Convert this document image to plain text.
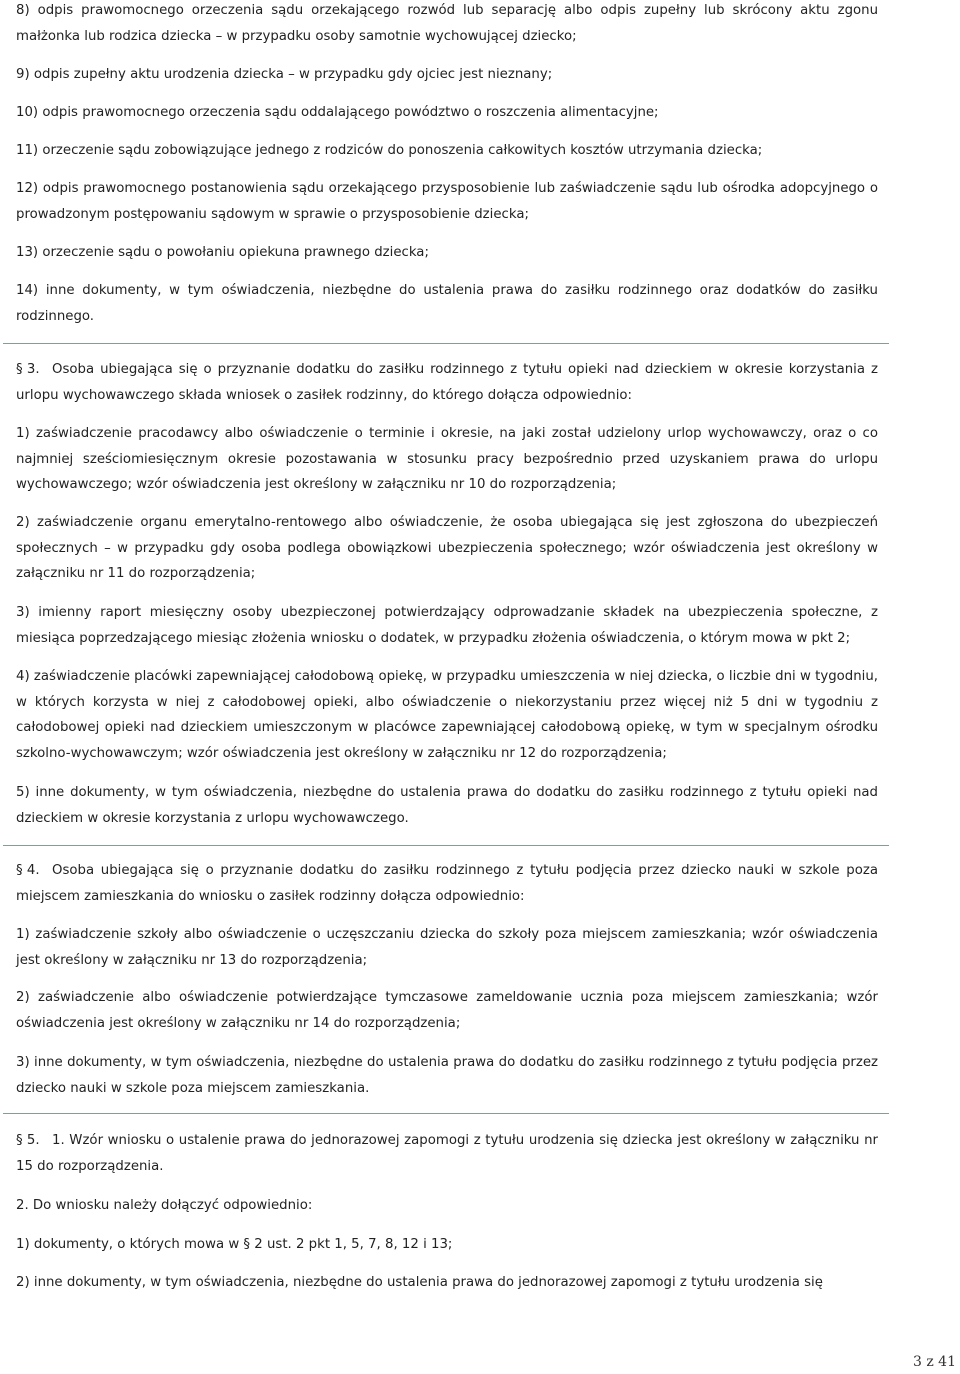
8) odpis prawomocnego orzeczenia sądu orzekającego rozwód lub separację albo odpis zupełny lub skrócony aktu zgonu małżonka lub rodzica dziecka – w przypadku osoby samotnie wychowującej dziecko;

9) odpis zupełny aktu urodzenia dziecka – w przypadku gdy ojciec jest nieznany;

10) odpis prawomocnego orzeczenia sądu oddalającego powództwo o roszczenia alimentacyjne;

11) orzeczenie sądu zobowiązujące jednego z rodziców do ponoszenia całkowitych kosztów utrzymania dziecka;

12) odpis prawomocnego postanowienia sądu orzekającego przysposobienie lub zaświadczenie sądu lub ośrodka adopcyjnego o prowadzonym postępowaniu sądowym w sprawie o przysposobienie dziecka;

13) orzeczenie sądu o powołaniu opiekuna prawnego dziecka;

14) inne dokumenty, w tym oświadczenia, niezbędne do ustalenia prawa do zasiłku rodzinnego oraz dodatków do zasiłku rodzinnego.

§ 3. Osoba ubiegająca się o przyznanie dodatku do zasiłku rodzinnego z tytułu opieki nad dzieckiem w okresie korzystania z urlopu wychowawczego składa wniosek o zasiłek rodzinny, do którego dołącza odpowiednio:

1) zaświadczenie pracodawcy albo oświadczenie o terminie i okresie, na jaki został udzielony urlop wychowawczy, oraz o co najmniej sześciomiesięcznym okresie pozostawania w stosunku pracy bezpośrednio przed uzyskaniem prawa do urlopu wychowawczego; wzór oświadczenia jest określony w załączniku nr 10 do rozporządzenia;

2) zaświadczenie organu emerytalno-rentowego albo oświadczenie, że osoba ubiegająca się jest zgłoszona do ubezpieczeń społecznych – w przypadku gdy osoba podlega obowiązkowi ubezpieczenia społecznego; wzór oświadczenia jest określony w załączniku nr 11 do rozporządzenia;

3) imienny raport miesięczny osoby ubezpieczonej potwierdzający odprowadzanie składek na ubezpieczenia społeczne, z miesiąca poprzedzającego miesiąc złożenia wniosku o dodatek, w przypadku złożenia oświadczenia, o którym mowa w pkt 2;

4) zaświadczenie placówki zapewniającej całodobową opiekę, w przypadku umieszczenia w niej dziecka, o liczbie dni w tygodniu, w których korzysta w niej z całodobowej opieki, albo oświadczenie o niekorzystaniu przez więcej niż 5 dni w tygodniu z całodobowej opieki nad dzieckiem umieszczonym w placówce zapewniającej całodobową opiekę, w tym w specjalnym ośrodku szkolno-wychowawczym; wzór oświadczenia jest określony w załączniku nr 12 do rozporządzenia;

5) inne dokumenty, w tym oświadczenia, niezbędne do ustalenia prawa do dodatku do zasiłku rodzinnego z tytułu opieki nad dzieckiem w okresie korzystania z urlopu wychowawczego.

§ 4. Osoba ubiegająca się o przyznanie dodatku do zasiłku rodzinnego z tytułu podjęcia przez dziecko nauki w szkole poza miejscem zamieszkania do wniosku o zasiłek rodzinny dołącza odpowiednio:

1) zaświadczenie szkoły albo oświadczenie o uczęszczaniu dziecka do szkoły poza miejscem zamieszkania; wzór oświadczenia jest określony w załączniku nr 13 do rozporządzenia;

2) zaświadczenie albo oświadczenie potwierdzające tymczasowe zameldowanie ucznia poza miejscem zamieszkania; wzór oświadczenia jest określony w załączniku nr 14 do rozporządzenia;

3) inne dokumenty, w tym oświadczenia, niezbędne do ustalenia prawa do dodatku do zasiłku rodzinnego z tytułu podjęcia przez dziecko nauki w szkole poza miejscem zamieszkania.

§ 5. 1. Wzór wniosku o ustalenie prawa do jednorazowej zapomogi z tytułu urodzenia się dziecka jest określony w załączniku nr 15 do rozporządzenia.

2. Do wniosku należy dołączyć odpowiednio:

1) dokumenty, o których mowa w § 2 ust. 2 pkt 1, 5, 7, 8, 12 i 13;

2) inne dokumenty, w tym oświadczenia, niezbędne do ustalenia prawa do jednorazowej zapomogi z tytułu urodzenia się

3 z 41
